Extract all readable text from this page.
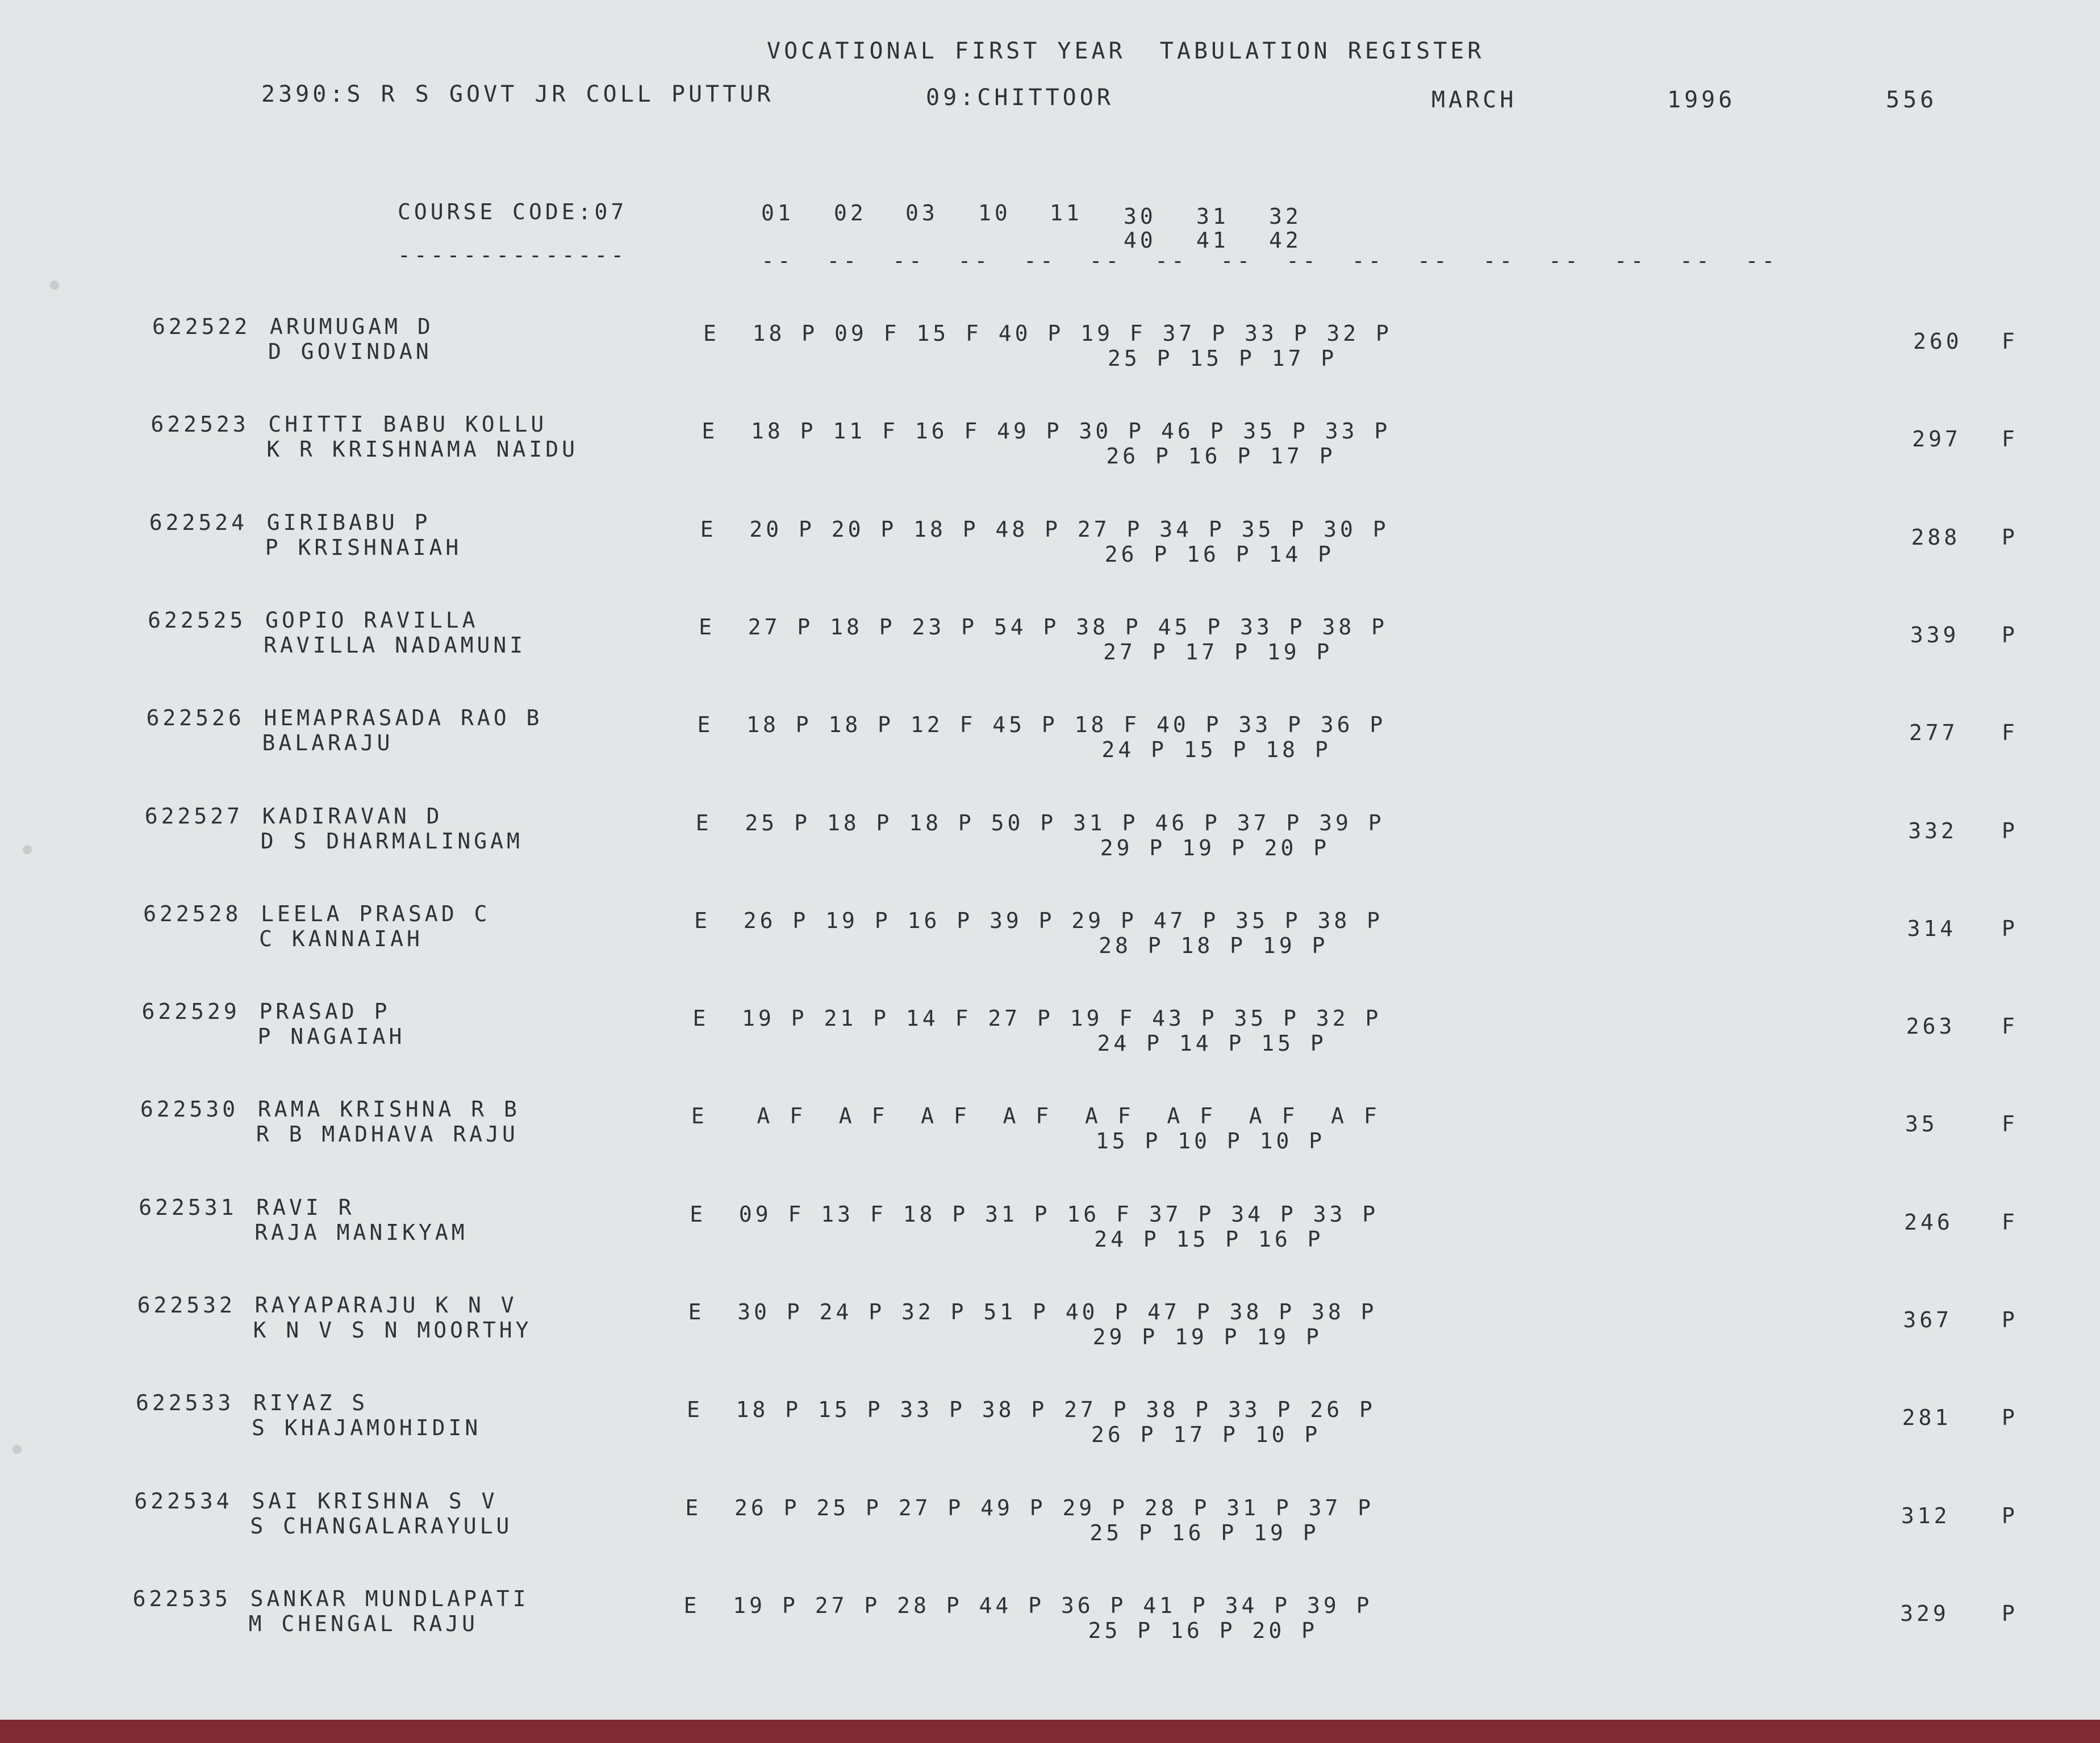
VOCATIONAL FIRST YEAR  TABULATION REGISTER
2390:S R S GOVT JR COLL PUTTUR	09:CHITTOOR	MARCH	1996	556
COURSE CODE:07
--------------
01 02 03 10 11 30 31 32
40 41 42
--  --  --  --  --  --  --  --  --  --  --  --  --  --  --  --
622522 ARUMUGAM D
D GOVINDAN
E  18 P 09 F 15 F 40 P 19 F 37 P 33 P 32 P
25 P 15 P 17 P
260 F
622523 CHITTI BABU KOLLU
K R KRISHNAMA NAIDU
E  18 P 11 F 16 F 49 P 30 P 46 P 35 P 33 P
26 P 16 P 17 P
297 F
622524 GIRIBABU P
P KRISHNAIAH
E  20 P 20 P 18 P 48 P 27 P 34 P 35 P 30 P
26 P 16 P 14 P
288 P
622525 GOPIO RAVILLA
RAVILLA NADAMUNI
E  27 P 18 P 23 P 54 P 38 P 45 P 33 P 38 P
27 P 17 P 19 P
339 P
622526 HEMAPRASADA RAO B
BALARAJU
E  18 P 18 P 12 F 45 P 18 F 40 P 33 P 36 P
24 P 15 P 18 P
277 F
622527 KADIRAVAN D
D S DHARMALINGAM
E  25 P 18 P 18 P 50 P 31 P 46 P 37 P 39 P
29 P 19 P 20 P
332 P
622528 LEELA PRASAD C
C KANNAIAH
E  26 P 19 P 16 P 39 P 29 P 47 P 35 P 38 P
28 P 18 P 19 P
314 P
622529 PRASAD P
P NAGAIAH
E  19 P 21 P 14 F 27 P 19 F 43 P 35 P 32 P
24 P 14 P 15 P
263 F
622530 RAMA KRISHNA R B
R B MADHAVA RAJU
E   A F  A F  A F  A F  A F  A F  A F  A F
15 P 10 P 10 P
35	F
622531 RAVI R
RAJA MANIKYAM
E  09 F 13 F 18 P 31 P 16 F 37 P 34 P 33 P
24 P 15 P 16 P
246 F
622532 RAYAPARAJU K N V
K N V S N MOORTHY
E  30 P 24 P 32 P 51 P 40 P 47 P 38 P 38 P
29 P 19 P 19 P
367 P
622533 RIYAZ S
S KHAJAMOHIDIN
E  18 P 15 P 33 P 38 P 27 P 38 P 33 P 26 P
26 P 17 P 10 P
281 P
622534 SAI KRISHNA S V
S CHANGALARAYULU
E  26 P 25 P 27 P 49 P 29 P 28 P 31 P 37 P
25 P 16 P 19 P
312 P
622535 SANKAR MUNDLAPATI
M CHENGAL RAJU
E  19 P 27 P 28 P 44 P 36 P 41 P 34 P 39 P
25 P 16 P 20 P
329 P
